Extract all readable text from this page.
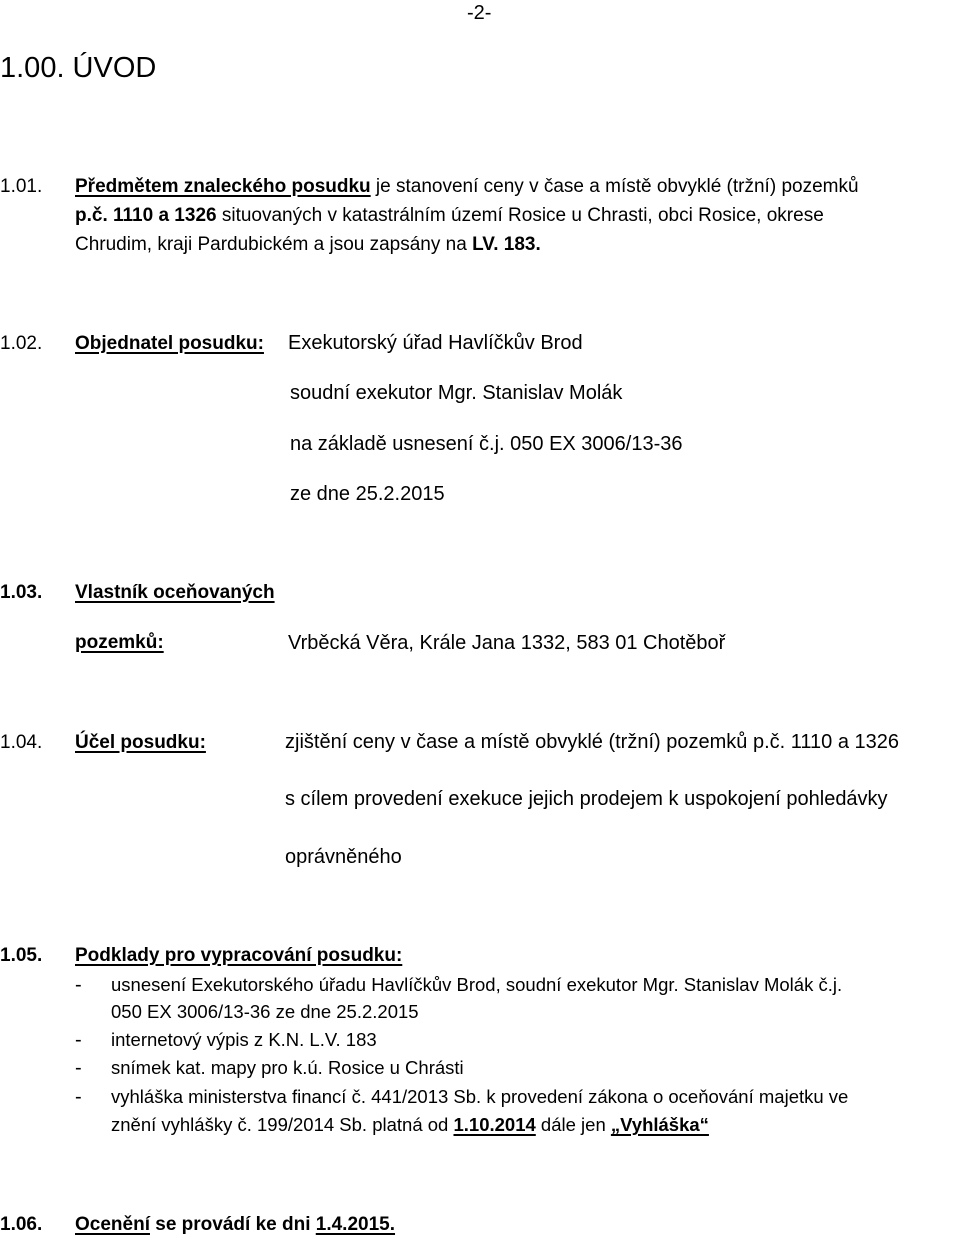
-2-
1.00. ÚVOD
1.01. Předmětem znaleckého posudku je stanovení ceny v čase a místě obvyklé (tržní) pozemků
p.č. 1110 a 1326 situovaných v katastrálním území Rosice u Chrasti, obci Rosice, okrese
Chrudim, kraji Pardubickém a jsou zapsány na LV. 183.
1.02. Objednatel posudku: Exekutorský úřad Havlíčkův Brod
soudní exekutor Mgr. Stanislav Molák
na základě usnesení č.j. 050 EX 3006/13-36
ze dne 25.2.2015
1.03. Vlastník oceňovaných
pozemků:	Vrběcká Věra, Krále Jana 1332, 583 01 Chotěboř
1.04. Účel posudku:	zjištění ceny v čase a místě obvyklé (tržní) pozemků p.č. 1110 a 1326
s cílem provedení exekuce jejich prodejem k uspokojení pohledávky
oprávněného
1.05. Podklady pro vypracování posudku:
- usnesení Exekutorského úřadu Havlíčkův Brod, soudní exekutor Mgr. Stanislav Molák č.j.
050 EX 3006/13-36 ze dne 25.2.2015
- internetový výpis z K.N. L.V. 183
- snímek kat. mapy pro k.ú. Rosice u Chrásti
- vyhláška ministerstva financí č. 441/2013 Sb. k provedení zákona o oceňování majetku ve
znění vyhlášky č. 199/2014 Sb. platná od 1.10.2014 dále jen „Vyhláška“
1.06. Ocenění se provádí ke dni 1.4.2015.
